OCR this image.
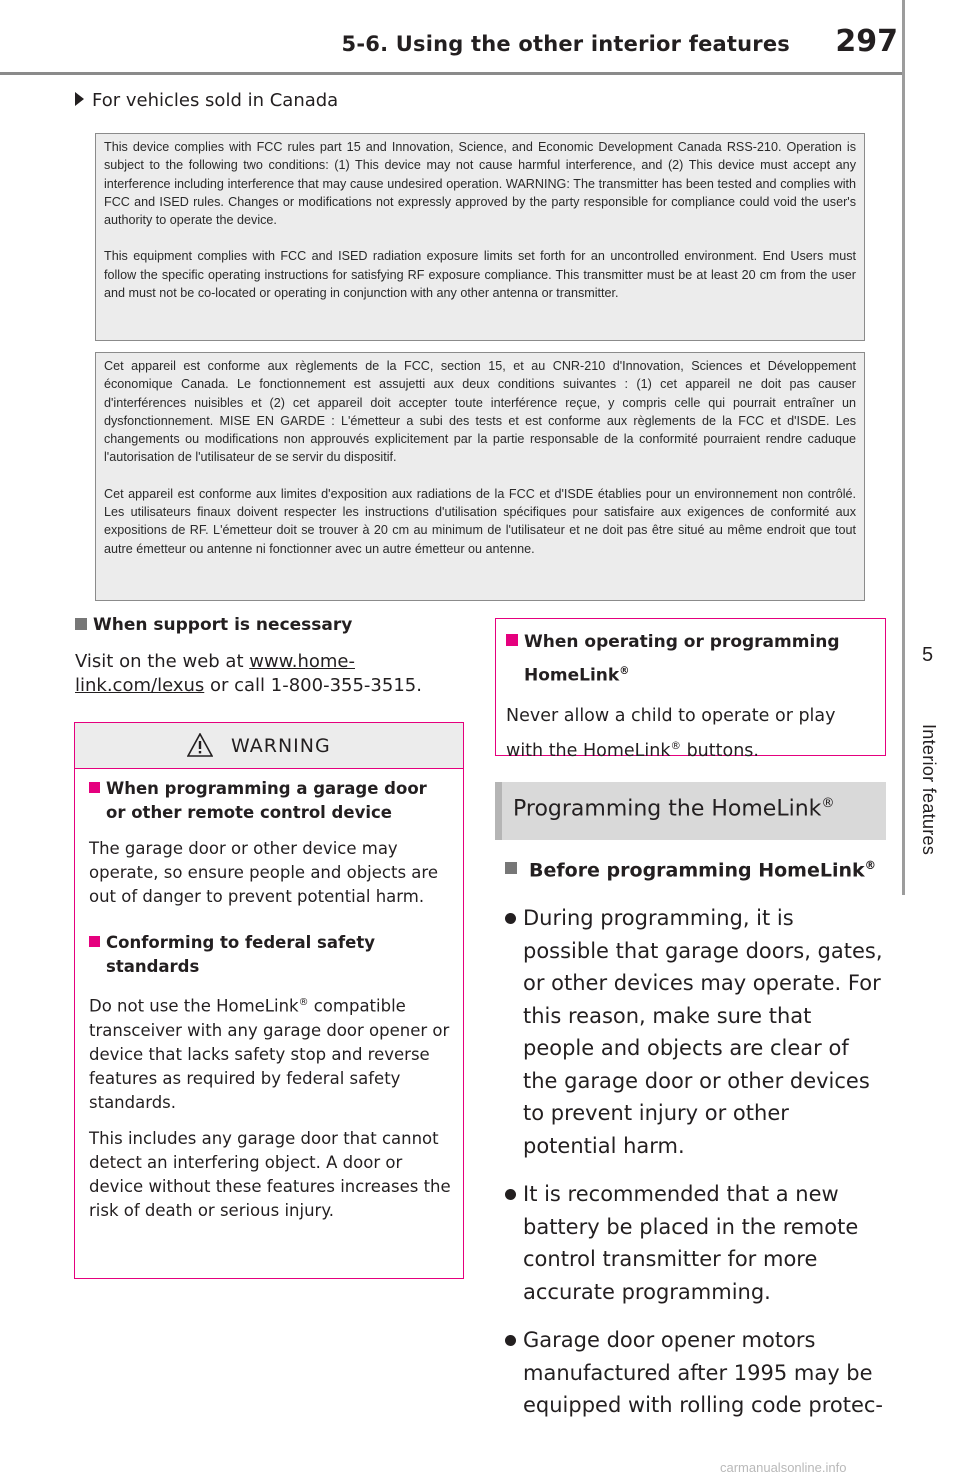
5-6. Using the other interior features 297
5
Interior features
For vehicles sold in Canada

This device complies with FCC rules part 15 and Innovation, Science, and Economic Development Canada RSS-210. Operation is subject to the following two conditions: (1) This device may not cause harmful interference, and (2) This device must accept any interference including interference that may cause undesired operation. WARNING: The transmitter has been tested and complies with FCC and ISED rules. Changes or modifications not expressly approved by the party responsible for compliance could void the user's authority to operate the device.

This equipment complies with FCC and ISED radiation exposure limits set forth for an uncontrolled environment. End Users must follow the specific operating instructions for satisfying RF exposure compliance. This transmitter must be at least 20 cm from the user and must not be co-located or operating in conjunction with any other antenna or transmitter.

Cet appareil est conforme aux règlements de la FCC, section 15, et au CNR-210 d'Innovation, Sciences et Développement économique Canada. Le fonctionnement est assujetti aux deux conditions suivantes : (1) cet appareil ne doit pas causer d'interférences nuisibles et (2) cet appareil doit accepter toute interférence reçue, y compris celle qui pourrait entraîner un dysfonctionnement. MISE EN GARDE : L'émetteur a subi des tests et est conforme aux règlements de la FCC et d'ISDE. Les changements ou modifications non approuvés explicitement par la partie responsable de la conformité pourraient rendre caduque l'autorisation de l'utilisateur de se servir du dispositif.

Cet appareil est conforme aux limites d'exposition aux radiations de la FCC et d'ISDE établies pour un environnement non contrôlé. Les utilisateurs finaux doivent respecter les instructions d'utilisation spécifiques pour satisfaire aux exigences de conformité aux expositions de RF. L'émetteur doit se trouver à 20 cm au minimum de l'utilisateur et ne doit pas être situé au même endroit que tout autre émetteur ou antenne ni fonctionner avec un autre émetteur ou antenne.

When support is necessary
Visit on the web at www.home-link.com/lexus or call 1-800-355-3515.
WARNING

When programming a garage door or other remote control device

The garage door or other device may operate, so ensure people and objects are out of danger to prevent potential harm.

Conforming to federal safety standards

Do not use the HomeLink® compatible transceiver with any garage door opener or device that lacks safety stop and reverse features as required by federal safety standards.

This includes any garage door that cannot detect an interfering object. A door or device without these features increases the risk of death or serious injury.

When operating or programming HomeLink®

Never allow a child to operate or play with the HomeLink® buttons.

Programming the HomeLink®
Before programming HomeLink®
During programming, it is possible that garage doors, gates, or other devices may operate. For this reason, make sure that people and objects are clear of the garage door or other devices to prevent injury or other potential harm.
It is recommended that a new battery be placed in the remote control transmitter for more accurate programming.
Garage door opener motors manufactured after 1995 may be equipped with rolling code protec-
carmanualsonline.info
